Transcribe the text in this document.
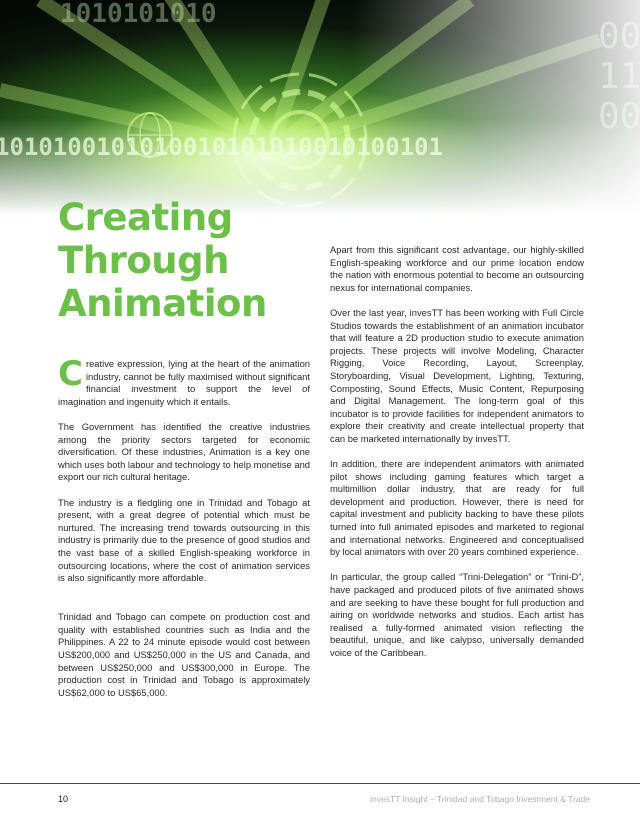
Creating
Through
Animation

Creative expression, lying at the heart of the animation industry, cannot be fully maximised without significant financial investment to support the level of imagination and ingenuity which it entails.

The Government has identified the creative industries among the priority sectors targeted for economic diversification. Of these industries, Animation is a key one which uses both labour and technology to help monetise and export our rich cultural heritage.

The industry is a fledgling one in Trinidad and Tobago at present, with a great degree of potential which must be nurtured. The increasing trend towards outsourcing in this industry is primarily due to the presence of good studios and the vast base of a skilled English-speaking workforce in outsourcing locations, where the cost of animation services is also significantly more affordable.

Trinidad and Tobago can compete on production cost and quality with established countries such as India and the Philippines. A 22 to 24 minute episode would cost between US$200,000 and US$250,000 in the US and Canada, and between US$250,000 and US$300,000 in Europe. The production cost in Trinidad and Tobago is approximately US$62,000 to US$65,000.

Apart from this significant cost advantage, our highly-skilled English-speaking workforce and our prime location endow the nation with enormous potential to become an outsourcing nexus for international companies.

Over the last year, invesTT has been working with Full Circle Studios towards the establishment of an animation incubator that will feature a 2D production studio to execute animation projects. These projects will involve Modeling, Character Rigging, Voice Recording, Layout, Screenplay, Storyboarding, Visual Development, Lighting, Texturing, Composting, Sound Effects, Music Content, Repurposing and Digital Management. The long-term goal of this incubator is to provide facilities for independent animators to explore their creativity and create intellectual property that can be marketed internationally by invesTT.

In addition, there are independent animators with animated pilot shows including gaming features which target a multimillion dollar industry, that are ready for full development and production. However, there is need for capital investment and publicity backing to have these pilots turned into full animated episodes and marketed to regional and international networks. Engineered and conceptualised by local animators with over 20 years combined experience.

In particular, the group called “Trini-Delegation” or “Trini-D”, have packaged and produced pilots of five animated shows and are seeking to have these bought for full production and airing on worldwide networks and studios. Each artist has realised a fully-formed animated vision reflecting the beautiful, unique, and like calypso, universally demanded voice of the Caribbean.

10	invesTT Insight – Trinidad and Tobago Investment & Trade
